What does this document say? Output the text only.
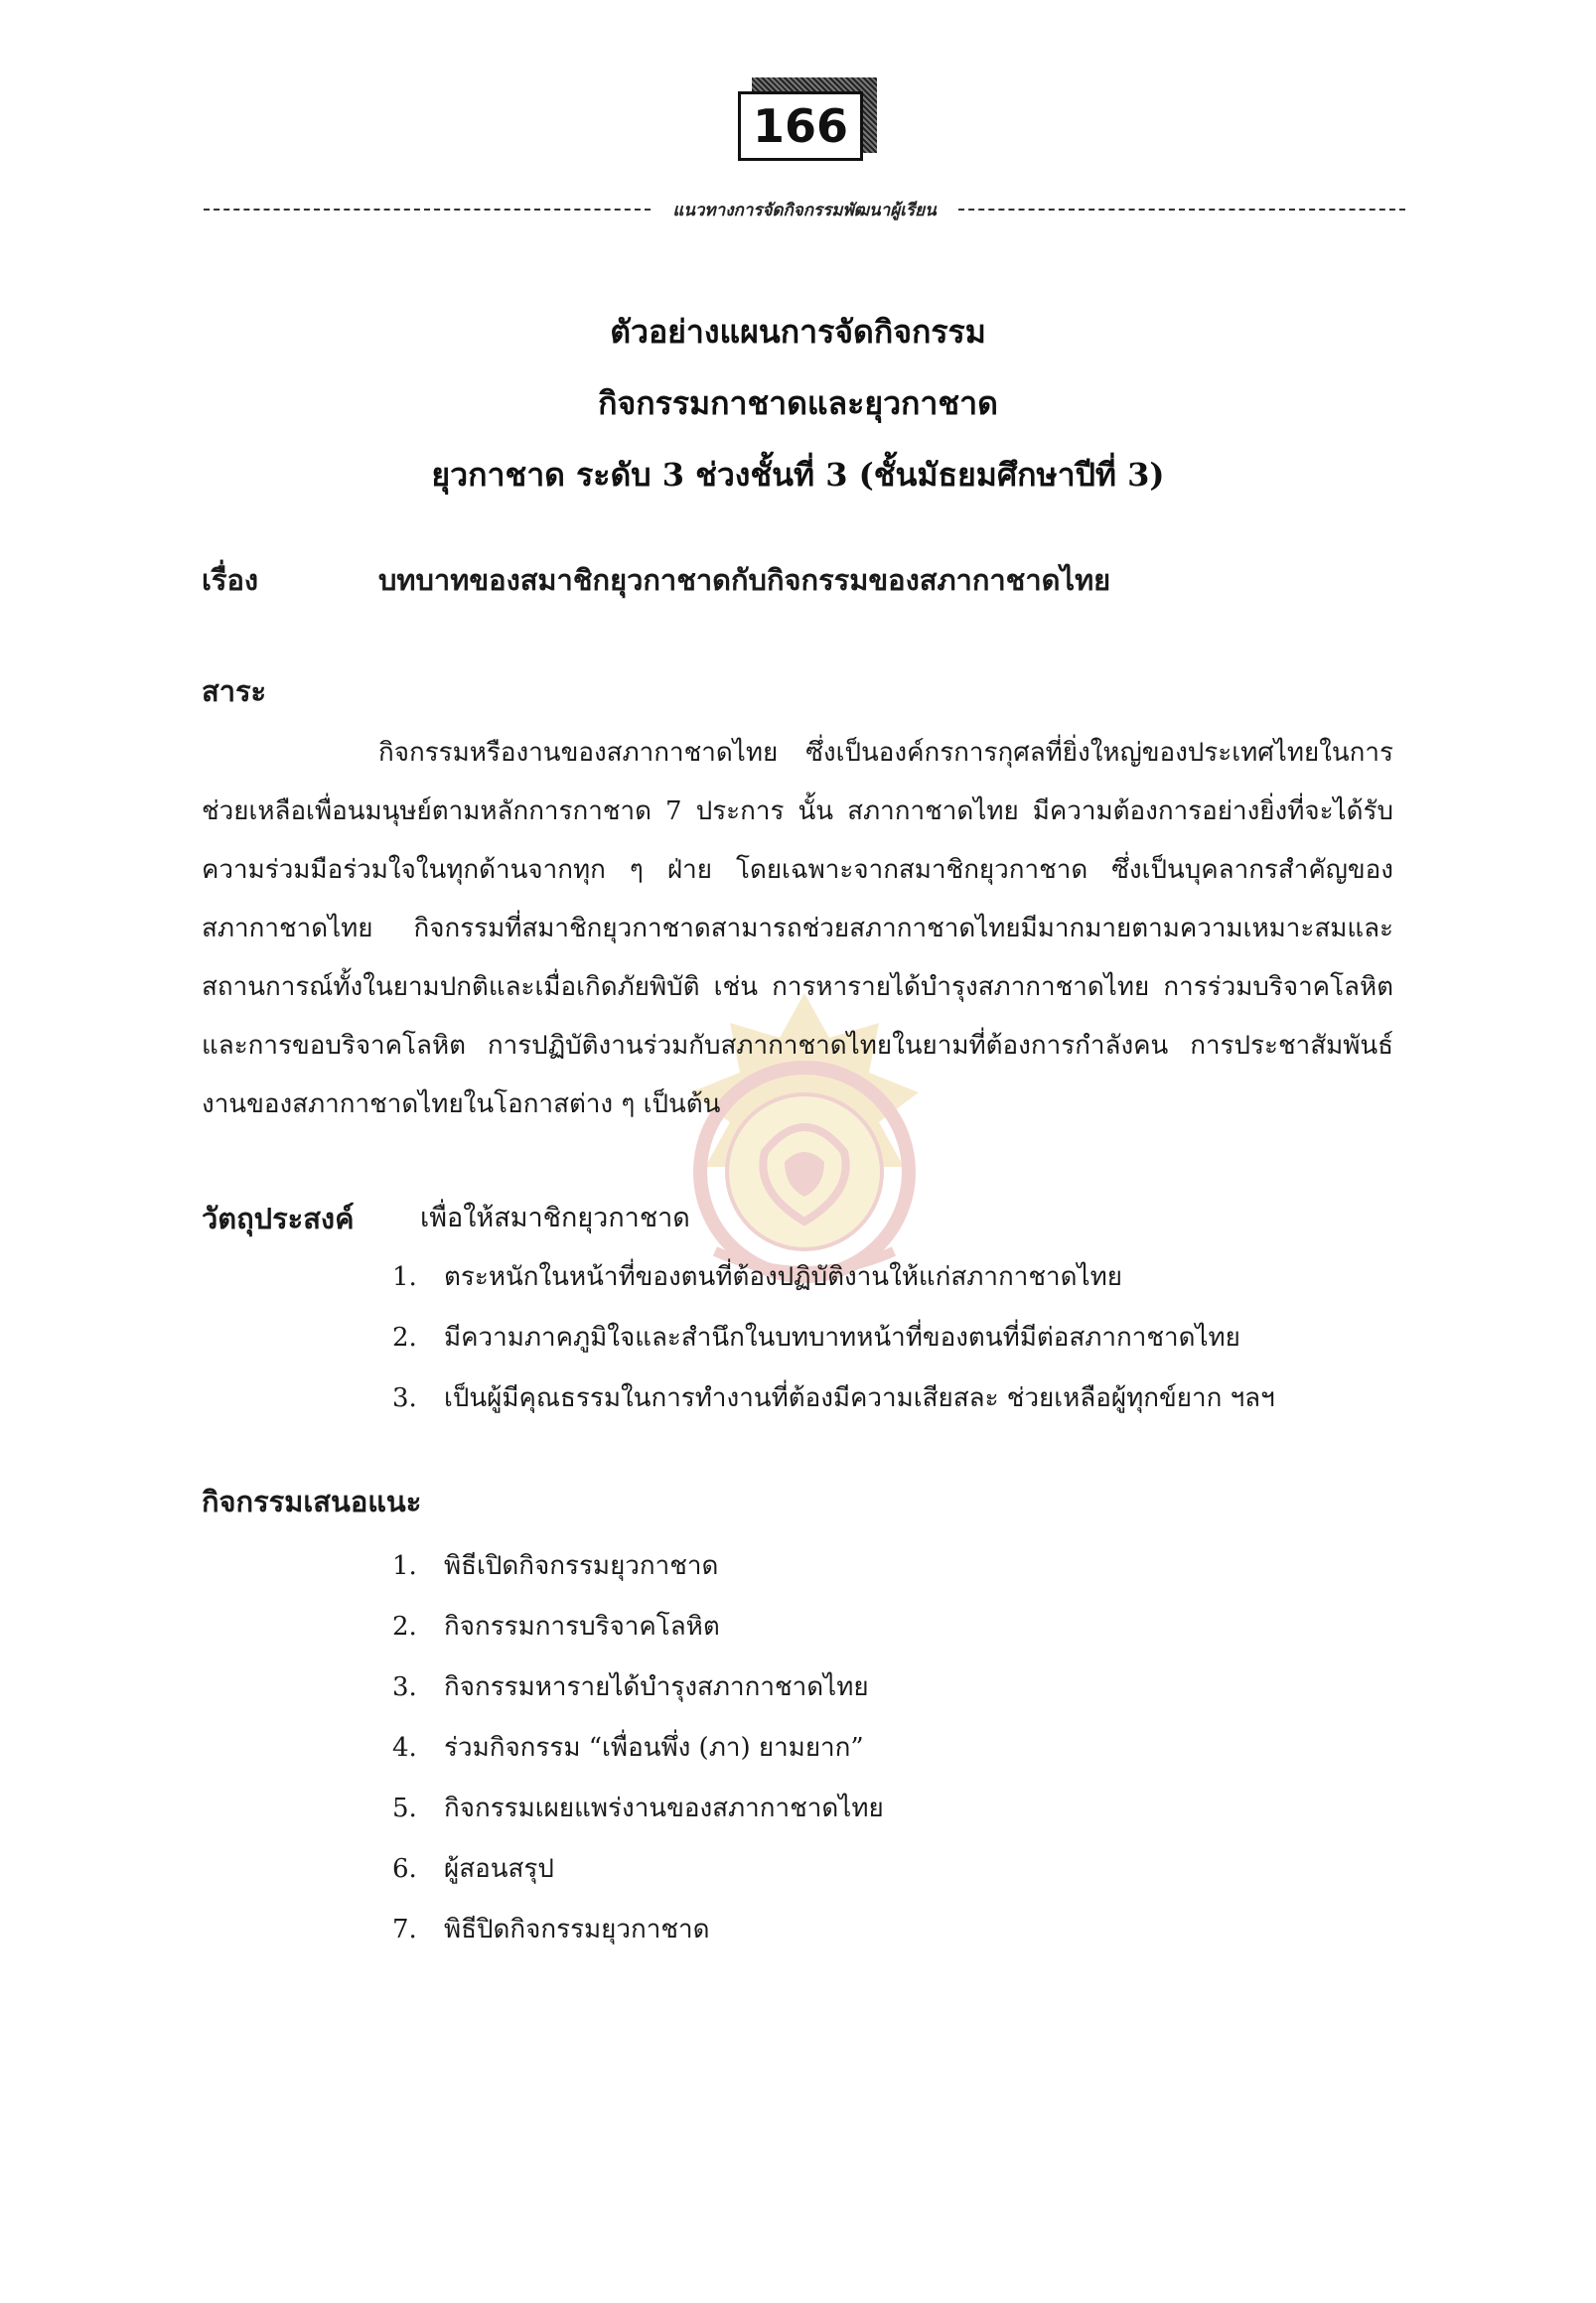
166
แนวทางการจัดกิจกรรมพัฒนาผู้เรียน
ตัวอย่างแผนการจัดกิจกรรม
กิจกรรมกาชาดและยุวกาชาด
ยุวกาชาด ระดับ 3 ช่วงชั้นที่ 3 (ชั้นมัธยมศึกษาปีที่ 3)
เรื่อง	บทบาทของสมาชิกยุวกาชาดกับกิจกรรมของสภากาชาดไทย
สาระ
กิจกรรมหรืองานของสภากาชาดไทย ซึ่งเป็นองค์กรการกุศลที่ยิ่งใหญ่ของประเทศไทยในการช่วยเหลือเพื่อนมนุษย์ตามหลักการกาชาด 7 ประการ นั้น สภากาชาดไทย มีความต้องการอย่างยิ่งที่จะได้รับความร่วมมือร่วมใจในทุกด้านจากทุก ๆ ฝ่าย โดยเฉพาะจากสมาชิกยุวกาชาด ซึ่งเป็นบุคลากรสำคัญของสภากาชาดไทย กิจกรรมที่สมาชิกยุวกาชาดสามารถช่วยสภากาชาดไทยมีมากมายตามความเหมาะสมและสถานการณ์ทั้งในยามปกติและเมื่อเกิดภัยพิบัติ เช่น การหารายได้บำรุงสภากาชาดไทย การร่วมบริจาคโลหิตและการขอบริจาคโลหิต การปฏิบัติงานร่วมกับสภากาชาดไทยในยามที่ต้องการกำลังคน การประชาสัมพันธ์งานของสภากาชาดไทยในโอกาสต่าง ๆ เป็นต้น
วัตถุประสงค์ เพื่อให้สมาชิกยุวกาชาด
1. ตระหนักในหน้าที่ของตนที่ต้องปฏิบัติงานให้แก่สภากาชาดไทย
2. มีความภาคภูมิใจและสำนึกในบทบาทหน้าที่ของตนที่มีต่อสภากาชาดไทย
3. เป็นผู้มีคุณธรรมในการทำงานที่ต้องมีความเสียสละ ช่วยเหลือผู้ทุกข์ยาก ฯลฯ
กิจกรรมเสนอแนะ
1. พิธีเปิดกิจกรรมยุวกาชาด
2. กิจกรรมการบริจาคโลหิต
3. กิจกรรมหารายได้บำรุงสภากาชาดไทย
4. ร่วมกิจกรรม “เพื่อนพึ่ง (ภา) ยามยาก”
5. กิจกรรมเผยแพร่งานของสภากาชาดไทย
6. ผู้สอนสรุป
7. พิธีปิดกิจกรรมยุวกาชาด
